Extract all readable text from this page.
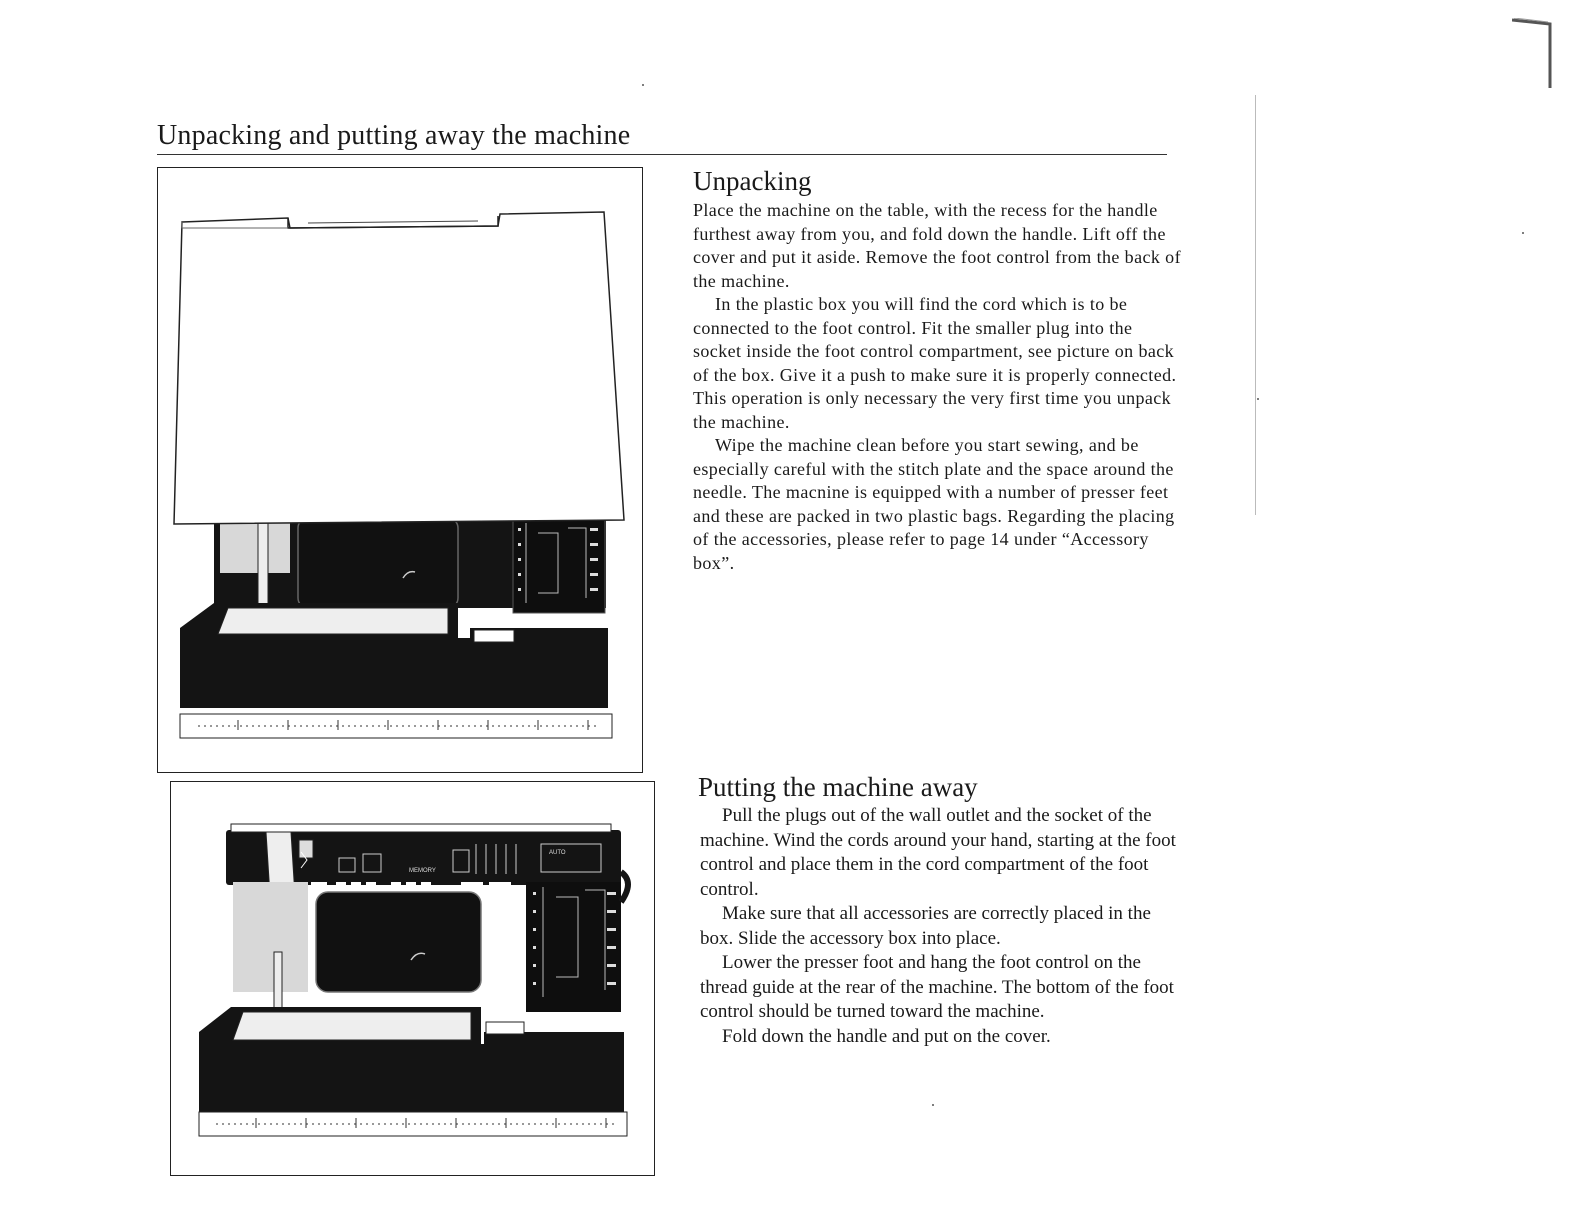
Unpacking and putting away the machine
MEMORY
AUTO
Unpacking

Place the machine on the table, with the recess for the handle furthest away from you, and fold down the handle. Lift off the cover and put it aside. Remove the foot control from the back of the machine.

In the plastic box you will find the cord which is to be connected to the foot control. Fit the smaller plug into the socket inside the foot control compartment, see picture on back of the box. Give it a push to make sure it is properly connected. This operation is only necessary the very first time you unpack the machine.

Wipe the machine clean before you start sewing, and be especially careful with the stitch plate and the space around the needle. The macnine is equipped with a number of presser feet and these are packed in two plastic bags. Regarding the placing of the accessories, please refer to page 14 under “Accessory box”.

Putting the machine away

Pull the plugs out of the wall outlet and the socket of the machine. Wind the cords around your hand, starting at the foot control and place them in the cord compartment of the foot control.

Make sure that all accessories are correctly placed in the box. Slide the accessory box into place.

Lower the presser foot and hang the foot control on the thread guide at the rear of the machine. The bottom of the foot control should be turned toward the machine.

Fold down the handle and put on the cover.
